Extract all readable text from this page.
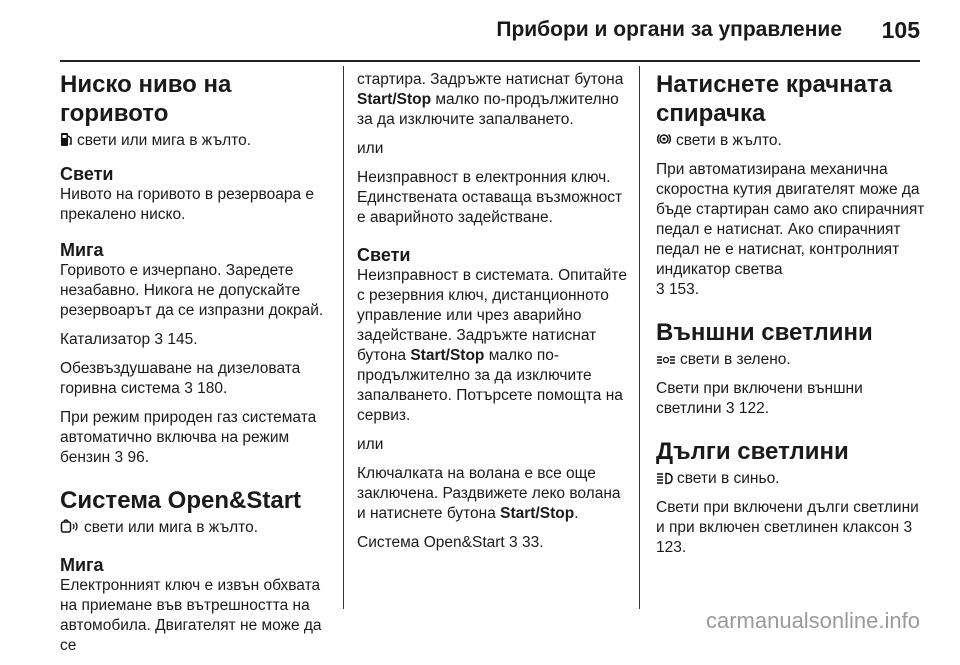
Прибори и органи за управление 105
Ниско ниво на горивото

свети или мига в жълто.

Свети

Нивото на горивото в резервоара е прекалено ниско.

Мига

Горивото е изчерпано. Заредете незабавно. Никога не допускайте резервоарът да се изпразни докрай.

Катализатор 3 145.

Обезвъздушаване на дизеловата горивна система 3 180.

При режим природен газ системата автоматично включва на режим бензин 3 96.

Система Open&Start

свети или мига в жълто.

Мига

Електронният ключ е извън обхвата на приемане във вътрешността на автомобила. Двигателят не може да се

стартира. Задръжте натиснат бутона Start/Stop малко по-продължително за да изключите запалването.

или

Неизправност в електронния ключ. Единствената оставаща възможност е аварийното задействане.

Свети

Неизправност в системата. Опитайте с резервния ключ, дистанционното управление или чрез аварийно задействане. Задръжте натиснат бутона Start/Stop малко по-продължително за да изключите запалването. Потърсете помощта на сервиз.

или

Ключалката на волана е все още заключена. Раздвижете леко волана и натиснете бутона Start/Stop.

Система Open&Start 3 33.

Натиснете крачната спирачка

свети в жълто.

При автоматизирана механична скоростна кутия двигателят може да бъде стартиран само ако спирачният педал е натиснат. Ако спирачният педал не е натиснат, контролният индикатор светва
3 153.

Външни светлини

свети в зелено.

Свети при включени външни светлини 3 122.

Дълги светлини

свети в синьо.

Свети при включени дълги светлини и при включен светлинен клаксон 3 123.

carmanualsonline.info
